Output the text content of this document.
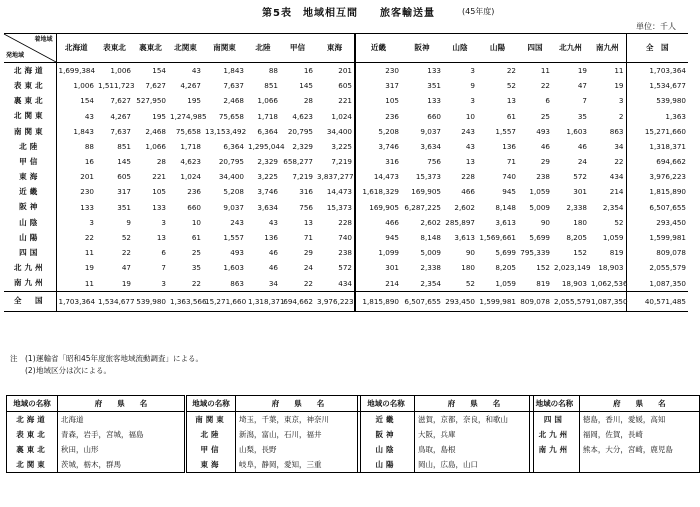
第5表　地域相互間　　旅客輸送量	(45年度)
単位：千人
着地域
発地域	北海道	表東北	裏東北	北関東	南関東	北陸	甲信	東海	近畿	阪神	山陰	山陽	四国	北九州	南九州	全　国
北海道	1,699,384	1,006	154	43	1,843	88	16	201	230	133	3	22	11	19	11	1,703,364
表東北	1,006	1,511,723	7,627	4,267	7,637	851	145	605	317	351	9	52	22	47	19	1,534,677
裏東北	154	7,627	527,950	195	2,468	1,066	28	221	105	133	3	13	6	7	3	539,980
北関東	43	4,267	195	1,274,985	75,658	1,718	4,623	1,024	236	660	10	61	25	35	2	1,363
南関東	1,843	7,637	2,468	75,658	13,153,492	6,364	20,795	34,400	5,208	9,037	243	1,557	493	1,603	863	15,271,660
北陸	88	851	1,066	1,718	6,364	1,295,044	2,329	3,225	3,746	3,634	43	136	46	46	34	1,318,371
甲信	16	145	28	4,623	20,795	2,329	658,277	7,219	316	756	13	71	29	24	22	694,662
東海	201	605	221	1,024	34,400	3,225	7,219	3,837,277	14,473	15,373	228	740	238	572	434	3,976,223
近畿	230	317	105	236	5,208	3,746	316	14,473	1,618,329	169,905	466	945	1,059	301	214	1,815,890
阪神	133	351	133	660	9,037	3,634	756	15,373	169,905	6,287,225	2,602	8,148	5,009	2,338	2,354	6,507,655
山陰	3	9	3	10	243	43	13	228	466	2,602	285,897	3,613	90	180	52	293,450
山陽	22	52	13	61	1,557	136	71	740	945	8,148	3,613	1,569,661	5,699	8,205	1,059	1,599,981
四国	11	22	6	25	493	46	29	238	1,099	5,009	90	5,699	795,339	152	819	809,078
北九州	19	47	7	35	1,603	46	24	572	301	2,338	180	8,205	152	2,023,149	18,903	2,055,579
南九州	11	19	3	22	863	34	22	434	214	2,354	52	1,059	819	18,903	1,062,536	1,087,350
全　国	1,703,364	1,534,677	539,980	1,363,566	15,271,660	1,318,371	694,662	3,976,223	1,815,890	6,507,655	293,450	1,599,981	809,078	2,055,579	1,087,350	40,571,485
注　(1)運輸省「昭和45年度旅客地域流動調査」による。
　　(2)地域区分は次による。
地域の名称	府　　県　　名
北海道	北海道
表東北	青森，岩手，宮城，福島
裏東北	秋田，山形
北関東	茨城，栃木，群馬
地域の名称	府　　県　　名
南関東	埼玉，千葉，東京，神奈川
北陸	新潟，富山，石川，福井
甲信	山梨，長野
東海	岐阜，静岡，愛知，三重
地域の名称	府　　県　　名
近畿	滋賀，京都，奈良，和歌山
阪神	大阪，兵庫
山陰	鳥取，島根
山陽	岡山，広島，山口
地域の名称	府　　県　　名
四国	徳島，香川，愛媛，高知
北九州	福岡，佐賀，長崎
南九州	熊本，大分，宮崎，鹿児島
